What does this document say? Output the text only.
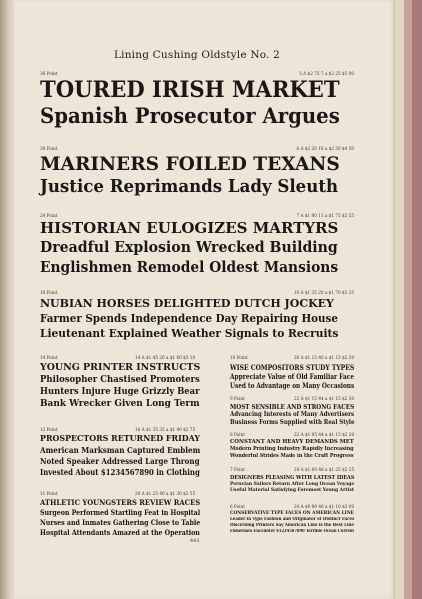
Lining Cushing Oldstyle No. 2
36 Point	5 A $2 75 7 a $2 25 $5 00
TOURED IRISH MARKET
Spanish Prosecutor Argues
30 Point	6 A $2 20 10 a $2 30 $4 50
MARINERS FOILED TEXANS
Justice Reprimands Lady Sleuth
24 Point	7 A $1 80 11 a $1 75 $3 55
HISTORIAN EULOGIZES MARTYRS
Dreadful Explosion Wrecked Building
Englishmen Remodel Oldest Mansions
18 Point	10 A $1 35 20 a $1 70 $3 25
NUBIAN HORSES DELIGHTED DUTCH JOCKEY
Farmer Spends Independence Day Repairing House
Lieutenant Explained Weather Signals to Recruits
14 Point	14 A $1 45 20 a $1 60 $3 10
YOUNG PRINTER INSTRUCTS
Philosopher Chastised Promoters
Hunters Injure Huge Grizzly Bear
Bank Wrecker Given Long Term
12 Point	16 A $1 35 32 a $1 40 $2 75
PROSPECTORS RETURNED FRIDAY
American Marksman Captured Emblem
Noted Speaker Addressed Large Throng
Invested About $1234567890 in Clothing
11 Point	20 A $1 25 40 a $1 30 $2 55
ATHLETIC YOUNGSTERS REVIEW RACES
Surgeon Performed Startling Feat in Hospital
Nurses and Inmates Gathering Close to Table
Hospital Attendants Amazed at the Operation
10 Point	20 A $1 15 40 a $1 15 $2 30
WISE COMPOSITORS STUDY TYPES
Appreciate Value of Old Familiar Face
Used to Advantage on Many Occasions
9 Point	22 A $1 15 44 a $1 15 $2 30
MOST SENSIBLE AND STRONG FACES
Advancing Interests of Many Advertisers
Business Forms Supplied with Real Style
8 Point	22 A $1 05 44 a $1 15 $2 20
CONSTANT AND HEAVY DEMANDS MET
Modern Printing Industry Rapidly Increasing
Wonderful Strides Made in the Craft Progress
7 Point	24 A $1 00 48 a $1 25 $2 25
DESIGNERS PLEASING WITH LATEST IDEAS
Peruvian Sailors Return After Long Ocean Voyage
Useful Material Satisfying Foremost Young Artist
6 Point	24 A $0 90 48 a $1 10 $2 00
CONSERVATIVE TYPE FACES ON AMERICAN LINE
Leader in Type Fashion and Originator of Distinct Faces
Discerning Printers Say American Line is the Best Line
Fishermen Encounter $1234567890 Terrible Ocean Current
443
